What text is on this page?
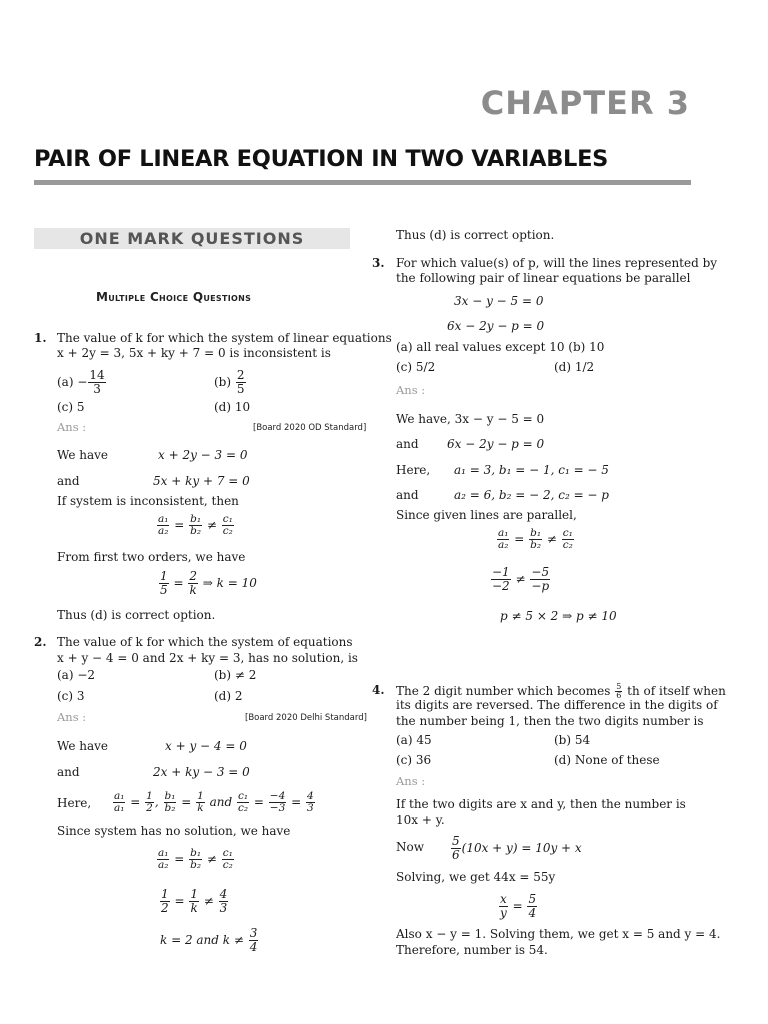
CHAPTER 3
PAIR OF LINEAR EQUATION IN TWO VARIABLES
ONE MARK QUESTIONS
Multiple Choice Questions
1. The value of k for which the system of linear equations
x + 2y = 3, 5x + ky + 7 = 0 is inconsistent is
$(a) - \frac{14}{3}$	$(b) \frac{2}{5}$
(c) 5	(d) 10
Ans :	[Board 2020 OD Standard]
We have	x + 2y − 3 = 0
and	5x + ky + 7 = 0
If system is inconsistent, then
$\frac{\text{a₁}}{\text{a₂}} = \frac{\text{b₁}}{\text{b₂}} \ne \frac{\text{c₁}}{\text{c₂}}$
From first two orders, we have
$\frac{1}{5} = \frac{2}{k}$ ⇒ k = 10
Thus (d) is correct option.
2. The value of k for which the system of equations
x + y − 4 = 0 and 2x + ky = 3, has no solution, is
(a) −2	(b) ≠ 2
(c) 3	(d) 2
Ans :	[Board 2020 Delhi Standard]
We have	x + y − 4 = 0
and	2x + ky − 3 = 0
Here, $\frac{\text{a₁}}{\text{a₁}} = \frac{1}{2}$ , $\frac{\text{b₁}}{\text{b₂}} = \frac{1}{k}$ and $\frac{\text{c₁}}{\text{c₂}} = \frac{-4}{-3} = \frac{4}{3}$
Since system has no solution, we have
$\frac{\text{a₁}}{\text{a₂}} = \frac{\text{b₁}}{\text{b₂}} \ne \frac{\text{c₁}}{\text{c₂}}$
$\frac{1}{2} = \frac{1}{k} \ne \frac{4}{3}$
k = 2 and $k \ne \frac{3}{4}$
Thus (d) is correct option.
3. For which value(s) of p, will the lines represented by
the following pair of linear equations be parallel
3x − y − 5 = 0
6x − 2y − p = 0
(a) all real values except 10 (b) 10
(c) 5/2	(d) 1/2
Ans :
We have, 3x − y − 5 = 0
and 6x − 2y − p = 0
Here, a₁ = 3, b₁ = − 1, c₁ = − 5
and	a₂ = 6, b₂ = − 2, c₂ = − p
Since given lines are parallel,
$\frac{\text{a₁}}{\text{a₂}} = \frac{\text{b₁}}{\text{b₂}} \ne \frac{\text{c₁}}{\text{c₂}}$
$\frac{-1}{-2} \ne \frac{-5}{-p}$
p ≠ 5 × 2 ⇒ p ≠ 10
4. The 2 digit number which becomes $\frac{5}{6}$ th of itself when
its digits are reversed. The difference in the digits of
the number being 1, then the two digits number is
(a) 45	(b) 54
(c) 36	(d) None of these
Ans :
If the two digits are x and y, then the number is
10x + y.
Now $\frac{5}{6} (10x + y) = 10y + x$
Solving, we get 44x = 55y
$\frac{x}{y} = \frac{5}{4}$
Also x − y = 1. Solving them, we get x = 5 and y = 4.
Therefore, number is 54.
